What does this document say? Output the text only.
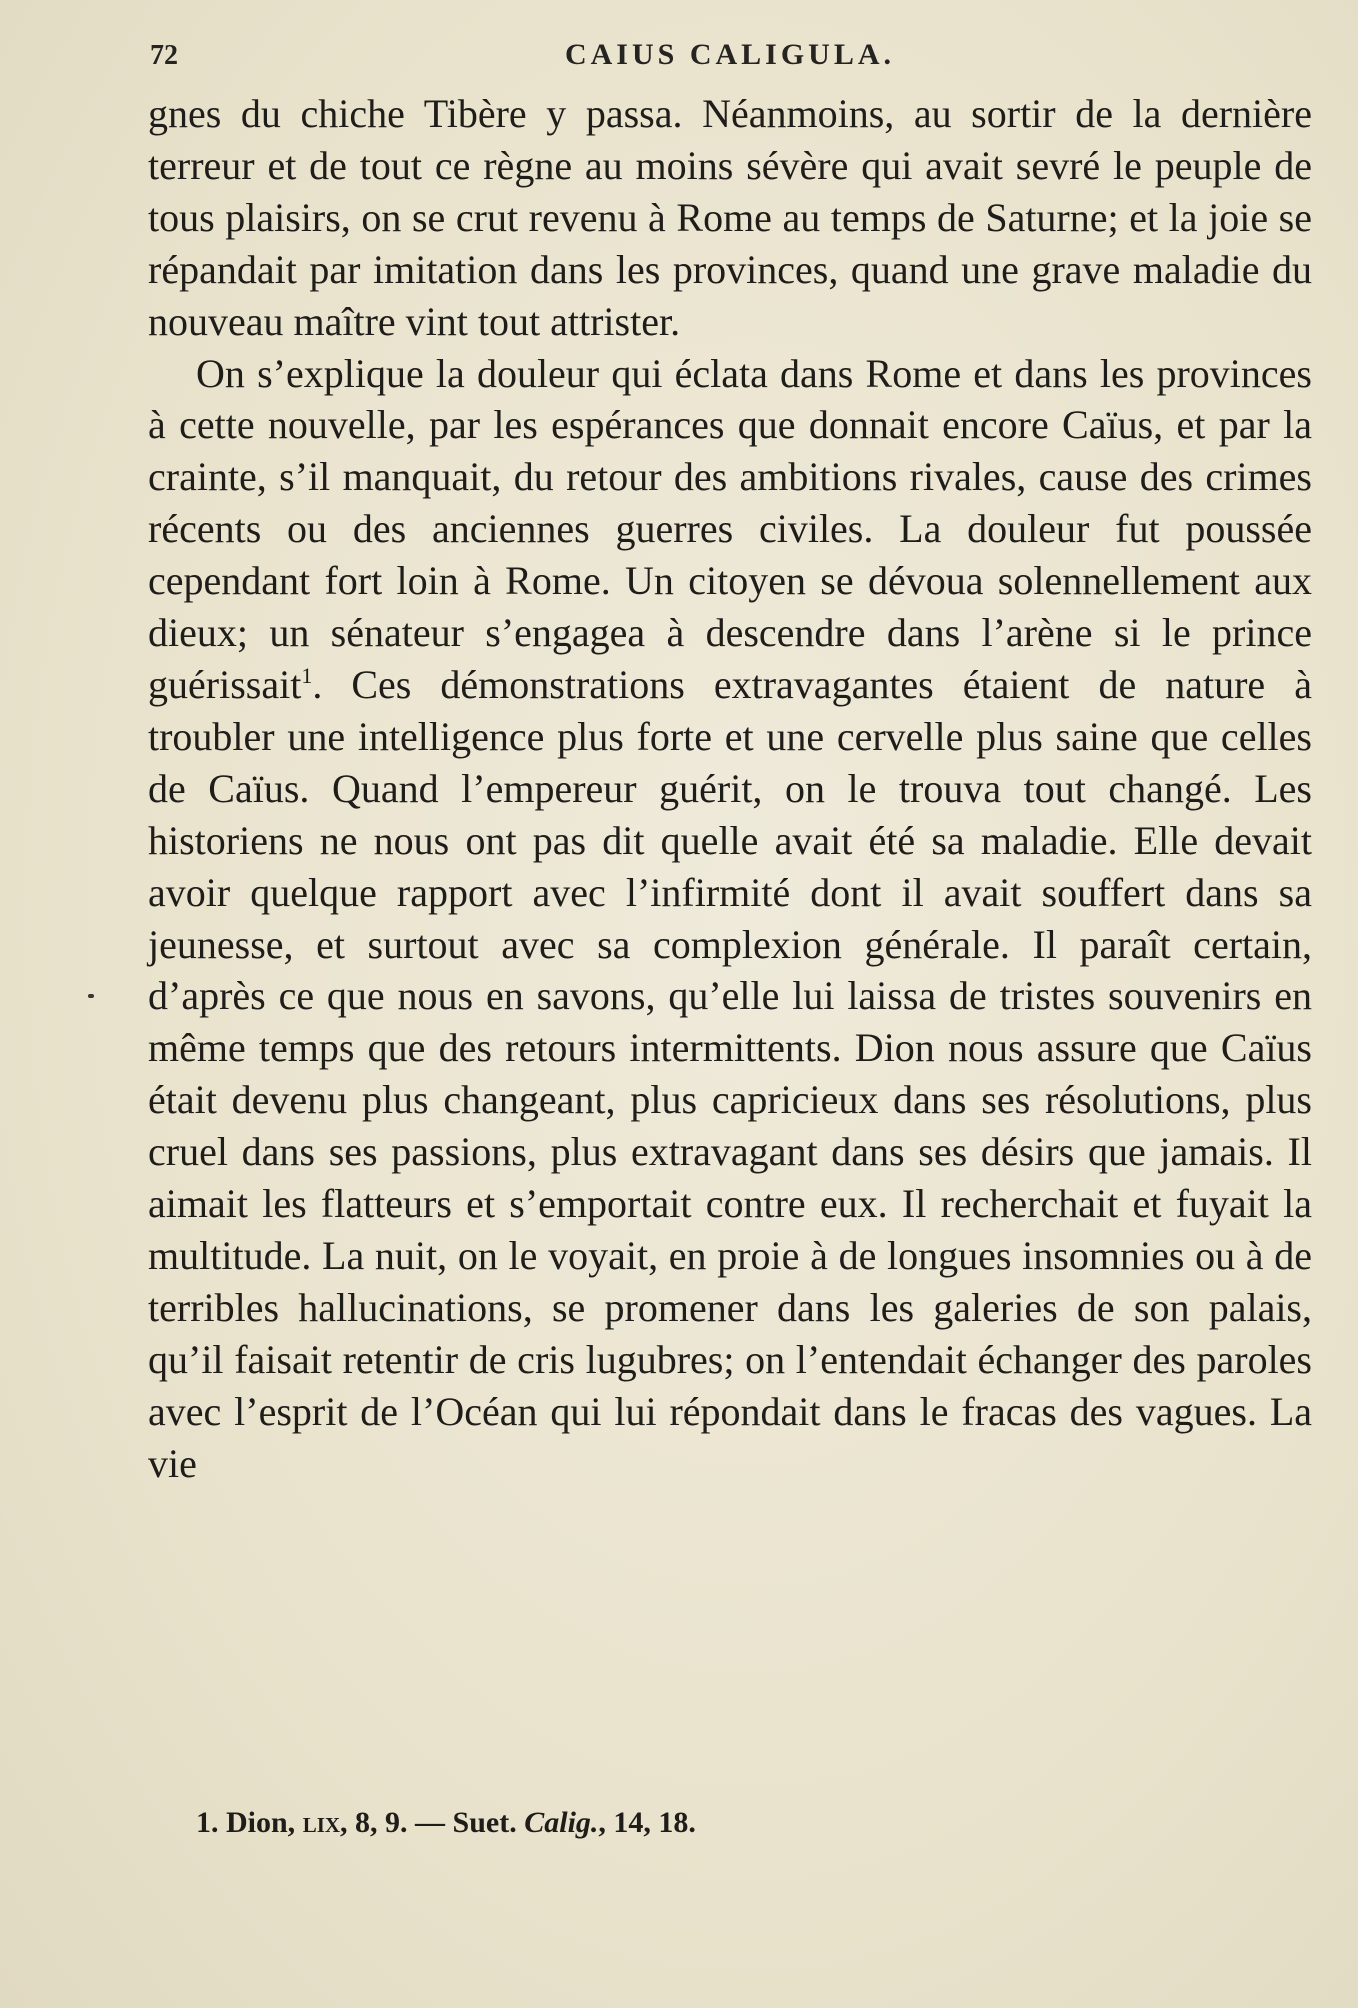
72	CAIUS CALIGULA.

gnes du chiche Tibère y passa. Néanmoins, au sortir de la dernière terreur et de tout ce règne au moins sévère qui avait sevré le peuple de tous plaisirs, on se crut revenu à Rome au temps de Saturne; et la joie se répandait par imitation dans les provinces, quand une grave maladie du nouveau maître vint tout attrister.

On s’explique la douleur qui éclata dans Rome et dans les provinces à cette nouvelle, par les espérances que donnait encore Caïus, et par la crainte, s’il manquait, du retour des ambitions rivales, cause des crimes récents ou des anciennes guerres civiles. La douleur fut poussée cependant fort loin à Rome. Un citoyen se dévoua solennellement aux dieux; un sénateur s’engagea à descendre dans l’arène si le prince guérissait$^1$. Ces démonstrations extravagantes étaient de nature à troubler une intelligence plus forte et une cervelle plus saine que celles de Caïus. Quand l’empereur guérit, on le trouva tout changé. Les historiens ne nous ont pas dit quelle avait été sa maladie. Elle devait avoir quelque rapport avec l’infirmité dont il avait souffert dans sa jeunesse, et surtout avec sa complexion générale. Il paraît certain, d’après ce que nous en savons, qu’elle lui laissa de tristes souvenirs en même temps que des retours intermittents. Dion nous assure que Caïus était devenu plus changeant, plus capricieux dans ses résolutions, plus cruel dans ses passions, plus extravagant dans ses désirs que jamais. Il aimait les flatteurs et s’emportait contre eux. Il recherchait et fuyait la multitude. La nuit, on le voyait, en proie à de longues insomnies ou à de terribles hallucinations, se promener dans les galeries de son palais, qu’il faisait retentir de cris lugubres; on l’entendait échanger des paroles avec l’esprit de l’Océan qui lui répondait dans le fracas des vagues. La vie

1. Dion, lix, 8, 9. — Suet. Calig., 14, 18.
